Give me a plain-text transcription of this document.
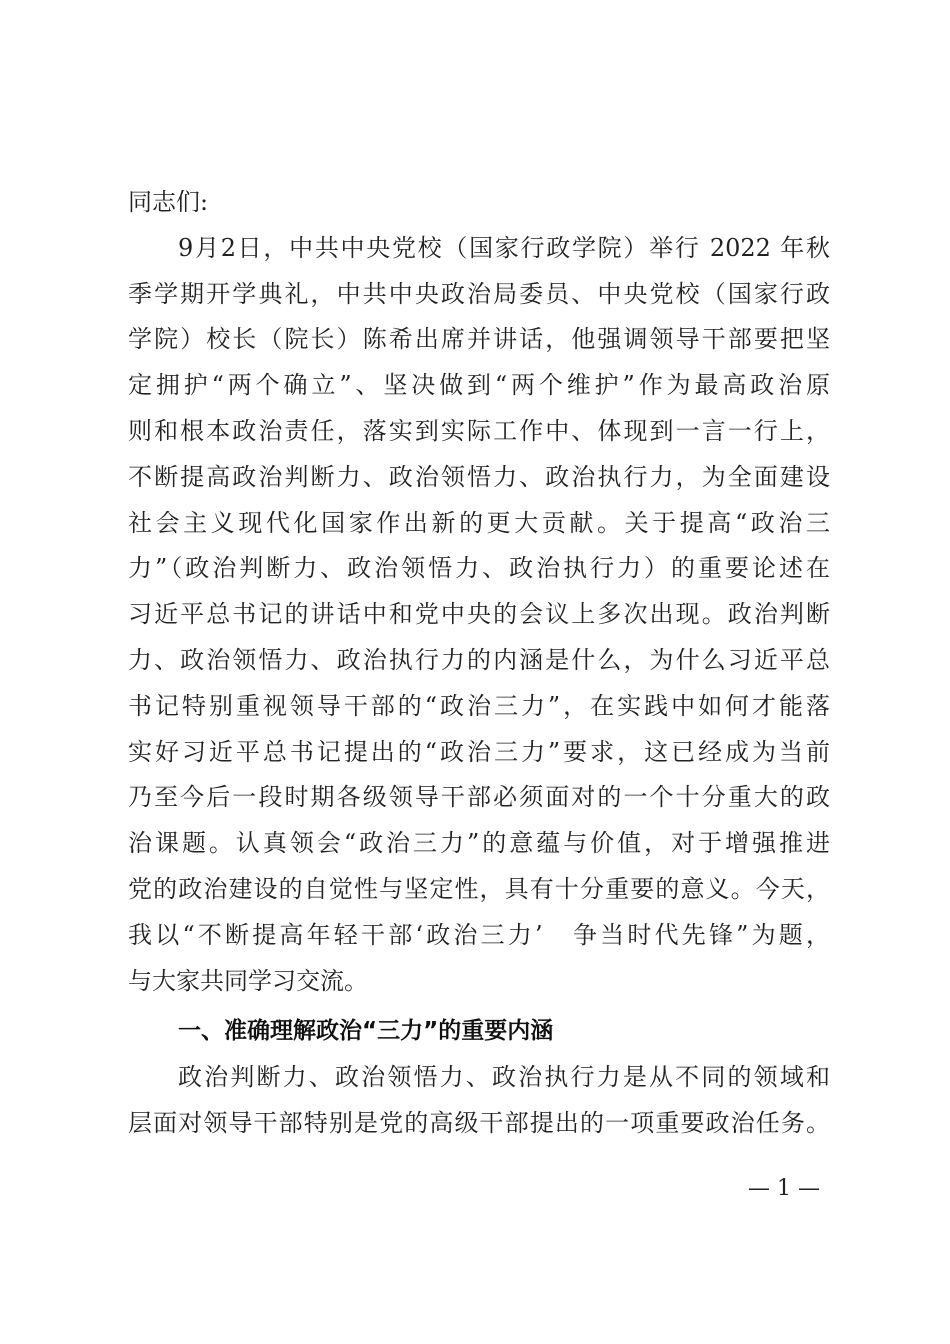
同志们:
9月2日，中共中央党校（国家行政学院）举行 2022 年秋
季学期开学典礼，中共中央政治局委员、中央党校（国家行政
学院）校长（院长）陈希出席并讲话，他强调领导干部要把坚
定拥护“两个确立”、坚决做到“两个维护”作为最高政治原
则和根本政治责任，落实到实际工作中、体现到一言一行上，
不断提高政治判断力、政治领悟力、政治执行力，为全面建设
社会主义现代化国家作出新的更大贡献。关于提高“政治三
力”（政治判断力、政治领悟力、政治执行力）的重要论述在
习近平总书记的讲话中和党中央的会议上多次出现。政治判断
力、政治领悟力、政治执行力的内涵是什么，为什么习近平总
书记特别重视领导干部的“政治三力”，在实践中如何才能落
实好习近平总书记提出的“政治三力”要求，这已经成为当前
乃至今后一段时期各级领导干部必须面对的一个十分重大的政
治课题。认真领会“政治三力”的意蕴与价值，对于增强推进
党的政治建设的自觉性与坚定性，具有十分重要的意义。今天，
我以“不断提高年轻干部‘政治三力’　争当时代先锋”为题，
与大家共同学习交流。
一、准确理解政治“三力”的重要内涵
政治判断力、政治领悟力、政治执行力是从不同的领域和
层面对领导干部特别是党的高级干部提出的一项重要政治任务。
— 1 —
